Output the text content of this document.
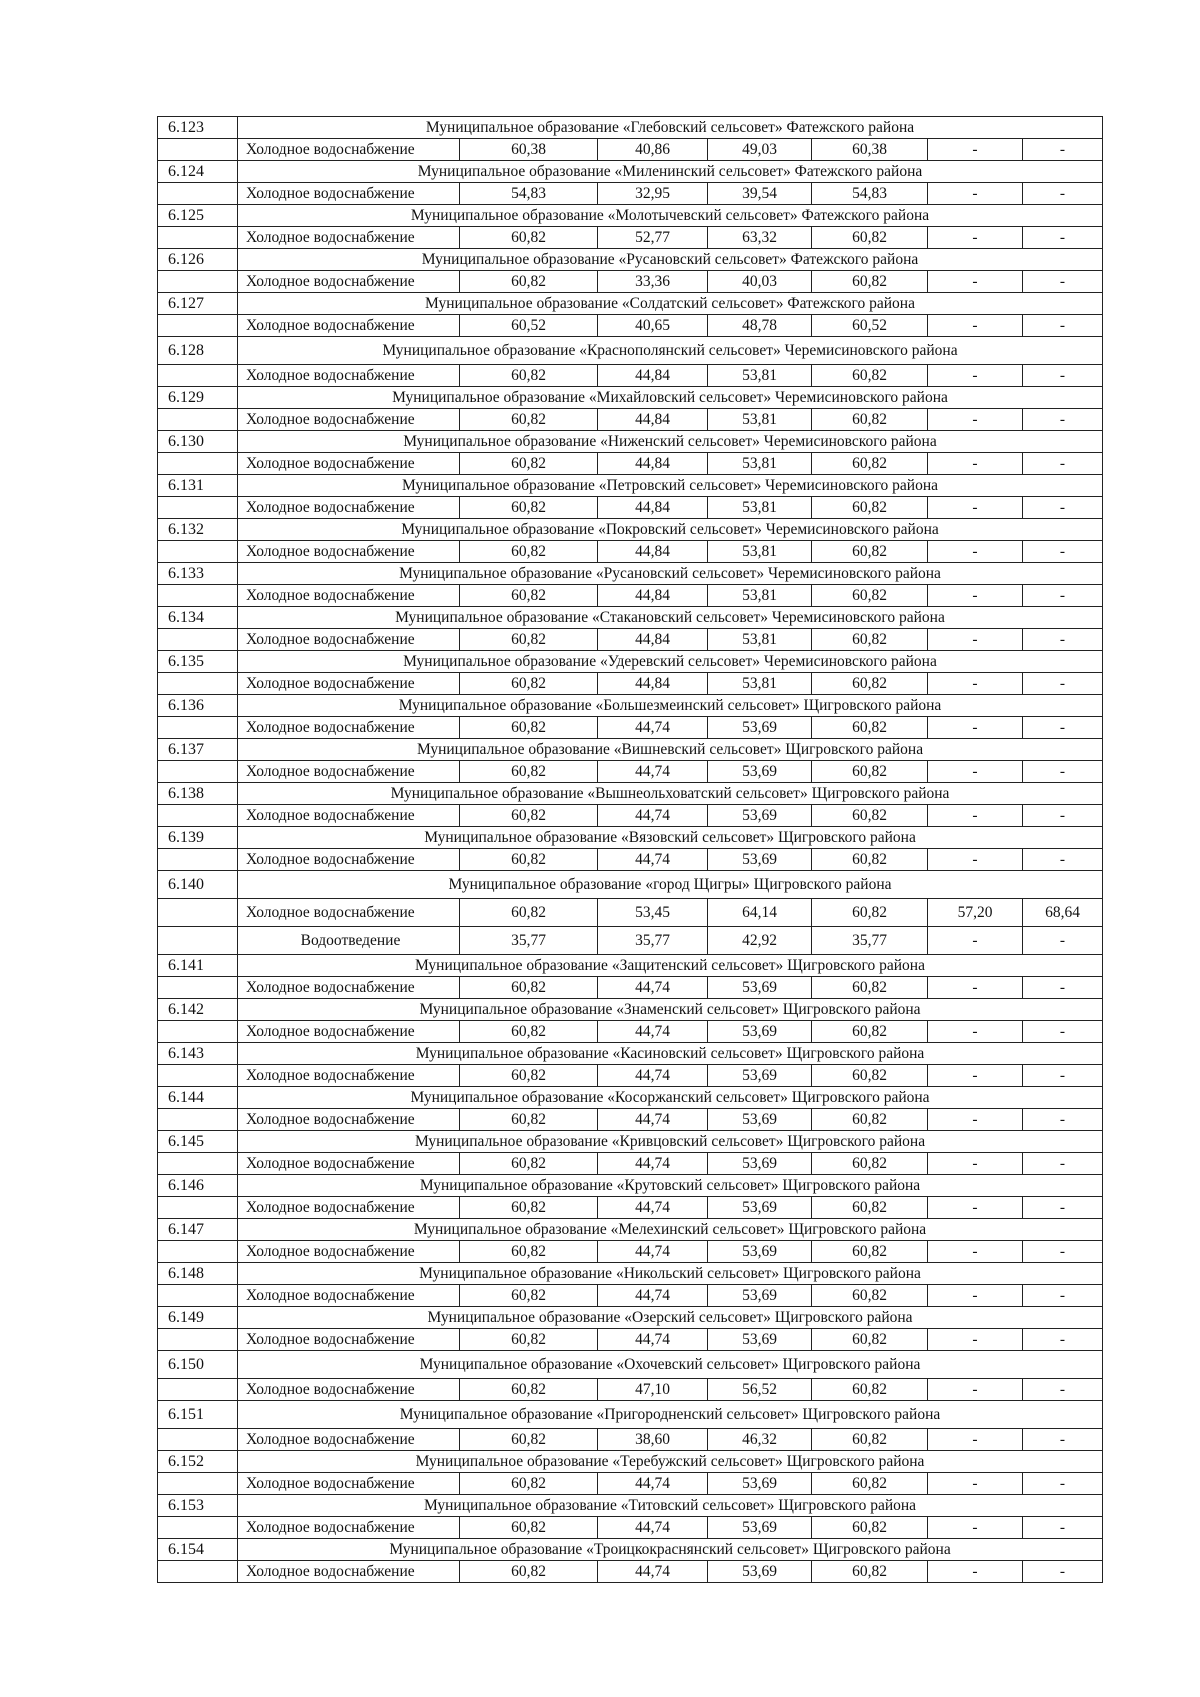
6.123	Муниципальное образование «Глебовский сельсовет» Фатежского района						
	Холодное водоснабжение	60,38	40,86	49,03	60,38	-	-
6.124	Муниципальное образование «Миленинский сельсовет» Фатежского района						
	Холодное водоснабжение	54,83	32,95	39,54	54,83	-	-
6.125	Муниципальное образование «Молотычевский сельсовет» Фатежского района						
	Холодное водоснабжение	60,82	52,77	63,32	60,82	-	-
6.126	Муниципальное образование «Русановский сельсовет» Фатежского района						
	Холодное водоснабжение	60,82	33,36	40,03	60,82	-	-
6.127	Муниципальное образование «Солдатский сельсовет» Фатежского района						
	Холодное водоснабжение	60,52	40,65	48,78	60,52	-	-
6.128	Муниципальное образование «Краснополянский сельсовет» Черемисиновского района						
	Холодное водоснабжение	60,82	44,84	53,81	60,82	-	-
6.129	Муниципальное образование «Михайловский сельсовет» Черемисиновского района						
	Холодное водоснабжение	60,82	44,84	53,81	60,82	-	-
6.130	Муниципальное образование «Ниженский сельсовет» Черемисиновского района						
	Холодное водоснабжение	60,82	44,84	53,81	60,82	-	-
6.131	Муниципальное образование «Петровский сельсовет» Черемисиновского района						
	Холодное водоснабжение	60,82	44,84	53,81	60,82	-	-
6.132	Муниципальное образование «Покровский сельсовет» Черемисиновского района						
	Холодное водоснабжение	60,82	44,84	53,81	60,82	-	-
6.133	Муниципальное образование «Русановский сельсовет» Черемисиновского района						
	Холодное водоснабжение	60,82	44,84	53,81	60,82	-	-
6.134	Муниципальное образование «Стакановский сельсовет» Черемисиновского района						
	Холодное водоснабжение	60,82	44,84	53,81	60,82	-	-
6.135	Муниципальное образование «Удеревский сельсовет» Черемисиновского района						
	Холодное водоснабжение	60,82	44,84	53,81	60,82	-	-
6.136	Муниципальное образование «Большезмеинский сельсовет» Щигровского района						
	Холодное водоснабжение	60,82	44,74	53,69	60,82	-	-
6.137	Муниципальное образование «Вишневский сельсовет» Щигровского района						
	Холодное водоснабжение	60,82	44,74	53,69	60,82	-	-
6.138	Муниципальное образование «Вышнеольховатский сельсовет» Щигровского района						
	Холодное водоснабжение	60,82	44,74	53,69	60,82	-	-
6.139	Муниципальное образование «Вязовский сельсовет» Щигровского района						
	Холодное водоснабжение	60,82	44,74	53,69	60,82	-	-
6.140	Муниципальное образование «город Щигры» Щигровского района						
	Холодное водоснабжение	60,82	53,45	64,14	60,82	57,20	68,64
	Водоотведение	35,77	35,77	42,92	35,77	-	-
6.141	Муниципальное образование «Защитенский сельсовет» Щигровского района						
	Холодное водоснабжение	60,82	44,74	53,69	60,82	-	-
6.142	Муниципальное образование «Знаменский сельсовет» Щигровского района						
	Холодное водоснабжение	60,82	44,74	53,69	60,82	-	-
6.143	Муниципальное образование «Касиновский сельсовет» Щигровского района						
	Холодное водоснабжение	60,82	44,74	53,69	60,82	-	-
6.144	Муниципальное образование «Косоржанский сельсовет» Щигровского района						
	Холодное водоснабжение	60,82	44,74	53,69	60,82	-	-
6.145	Муниципальное образование «Кривцовский сельсовет» Щигровского района						
	Холодное водоснабжение	60,82	44,74	53,69	60,82	-	-
6.146	Муниципальное образование «Крутовский сельсовет» Щигровского района						
	Холодное водоснабжение	60,82	44,74	53,69	60,82	-	-
6.147	Муниципальное образование «Мелехинский сельсовет» Щигровского района						
	Холодное водоснабжение	60,82	44,74	53,69	60,82	-	-
6.148	Муниципальное образование «Никольский сельсовет» Щигровского района						
	Холодное водоснабжение	60,82	44,74	53,69	60,82	-	-
6.149	Муниципальное образование «Озерский сельсовет» Щигровского района						
	Холодное водоснабжение	60,82	44,74	53,69	60,82	-	-
6.150	Муниципальное образование «Охочевский сельсовет» Щигровского района						
	Холодное водоснабжение	60,82	47,10	56,52	60,82	-	-
6.151	Муниципальное образование «Пригородненский сельсовет» Щигровского района						
	Холодное водоснабжение	60,82	38,60	46,32	60,82	-	-
6.152	Муниципальное образование «Теребужский сельсовет» Щигровского района						
	Холодное водоснабжение	60,82	44,74	53,69	60,82	-	-
6.153	Муниципальное образование «Титовский сельсовет» Щигровского района						
	Холодное водоснабжение	60,82	44,74	53,69	60,82	-	-
6.154	Муниципальное образование «Троицкокраснянский сельсовет» Щигровского района						
	Холодное водоснабжение	60,82	44,74	53,69	60,82	-	-
